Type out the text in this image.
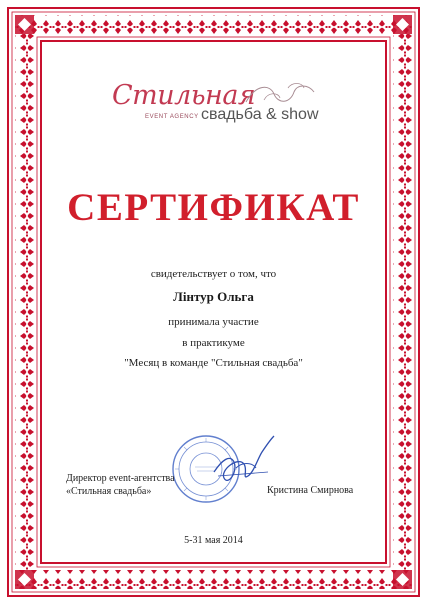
Стильная
EVENT AGENCY свадьба & show
СЕРТИФИКАТ
свидетельствует о том, что
Лінтур Ольга
принимала участие
в практикуме
"Месяц в команде "Стильная свадьба"
Директор event-агентства
«Стильная свадьба»	Кристина Смирнова
5-31 мая 2014
